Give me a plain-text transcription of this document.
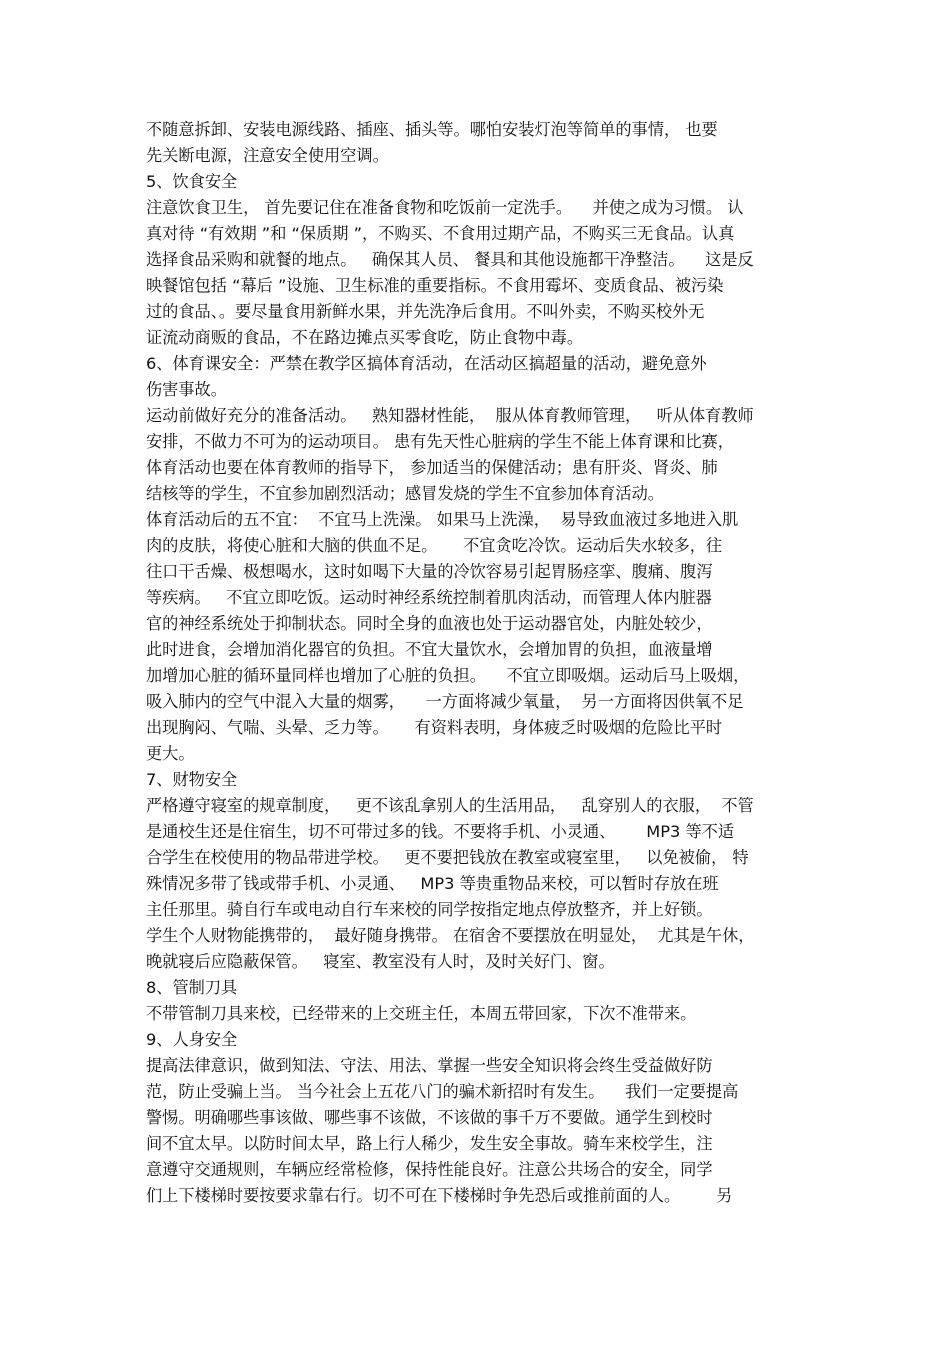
不随意拆卸、安装电源线路、插座、插头等。哪怕安装灯泡等简单的事情， 也要
先关断电源，注意安全使用空调。
5、饮食安全
注意饮食卫生， 首先要记住在准备食物和吃饭前一定洗手。    并使之成为习惯。 认
真对待 “有效期 ”和 “保质期 ”，不购买、不食用过期产品，不购买三无食品。认真
选择食品采购和就餐的地点。   确保其人员、 餐具和其他设施都干净整洁。    这是反
映餐馆包括 “幕后 ”设施、卫生标准的重要指标。不食用霉坏、变质食品、被污染
过的食品、。要尽量食用新鲜水果，并先洗净后食用。不叫外卖，不购买校外无
证流动商贩的食品，不在路边摊点买零食吃，防止食物中毒。
6、体育课安全：严禁在教学区搞体育活动，在活动区搞超量的活动，避免意外
伤害事故。
运动前做好充分的准备活动。   熟知器材性能，  服从体育教师管理，   听从体育教师
安排，不做力不可为的运动项目。 患有先天性心脏病的学生不能上体育课和比赛，
体育活动也要在体育教师的指导下， 参加适当的保健活动；患有肝炎、肾炎、肺
结核等的学生，不宜参加剧烈活动；感冒发烧的学生不宜参加体育活动。
体育活动后的五不宜：  不宜马上洗澡。 如果马上洗澡，  易导致血液过多地进入肌
肉的皮肤，将使心脏和大脑的供血不足。     不宜贪吃冷饮。运动后失水较多，往
往口干舌燥、极想喝水，这时如喝下大量的冷饮容易引起胃肠痉挛、腹痛、腹泻
等疾病。   不宜立即吃饭。运动时神经系统控制着肌肉活动，而管理人体内脏器
官的神经系统处于抑制状态。同时全身的血液也处于运动器官处，内脏处较少，
此时进食，会增加消化器官的负担。不宜大量饮水，会增加胃的负担，血液量增
加增加心脏的循环量同样也增加了心脏的负担。    不宜立即吸烟。运动后马上吸烟，
吸入肺内的空气中混入大量的烟雾，    一方面将减少氧量，  另一方面将因供氧不足
出现胸闷、气喘、头晕、乏力等。     有资料表明，身体疲乏时吸烟的危险比平时
更大。
7、财物安全
严格遵守寝室的规章制度，   更不该乱拿别人的生活用品，   乱穿别人的衣服，  不管
是通校生还是住宿生，切不可带过多的钱。不要将手机、小灵通、      MP3 等不适
合学生在校使用的物品带进学校。   更不要把钱放在教室或寝室里，   以免被偷， 特
殊情况多带了钱或带手机、小灵通、   MP3 等贵重物品来校，可以暂时存放在班
主任那里。骑自行车或电动自行车来校的同学按指定地点停放整齐，并上好锁。
学生个人财物能携带的，  最好随身携带。 在宿舍不要摆放在明显处，  尤其是午休，
晚就寝后应隐蔽保管。   寝室、教室没有人时，及时关好门、窗。
8、管制刀具
不带管制刀具来校，已经带来的上交班主任，本周五带回家，下次不准带来。
9、人身安全
提高法律意识，做到知法、守法、用法、掌握一些安全知识将会终生受益做好防
范，防止受骗上当。 当今社会上五花八门的骗术新招时有发生。    我们一定要提高
警惕。明确哪些事该做、哪些事不该做，不该做的事千万不要做。通学生到校时
间不宜太早。以防时间太早，路上行人稀少，发生安全事故。骑车来校学生，注
意遵守交通规则，车辆应经常检修，保持性能良好。注意公共场合的安全，同学
们上下楼梯时要按要求靠右行。切不可在下楼梯时争先恐后或推前面的人。       另
